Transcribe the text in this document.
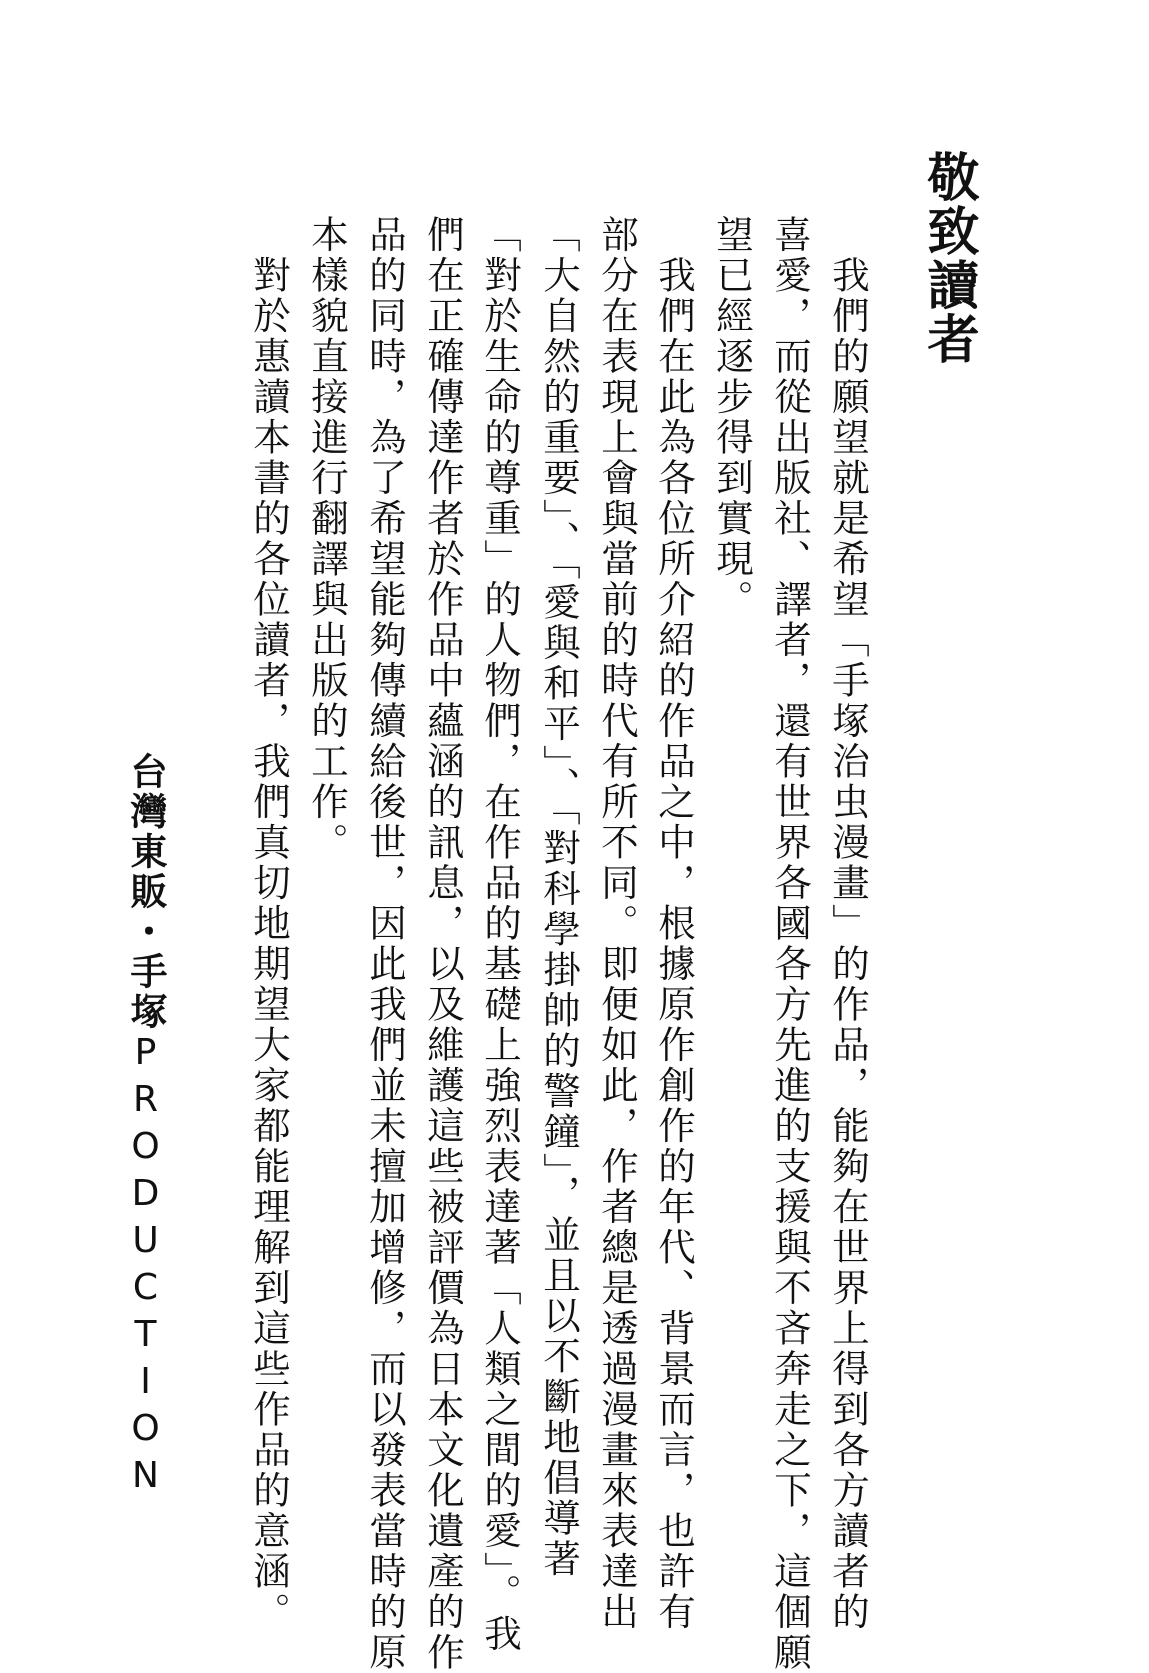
敬致讀者

　我們的願望就是希望「手塚治虫漫畫」的作品，能夠在世界上得到各方讀者的

喜愛，而從出版社、譯者，還有世界各國各方先進的支援與不吝奔走之下，這個願

望已經逐步得到實現。

　我們在此為各位所介紹的作品之中，根據原作創作的年代、背景而言，也許有

部分在表現上會與當前的時代有所不同。即便如此，作者總是透過漫畫來表達出

「大自然的重要」、「愛與和平」、「對科學掛帥的警鐘」，並且以不斷地倡導著

「對於生命的尊重」的人物們，在作品的基礎上強烈表達著「人類之間的愛」。我

們在正確傳達作者於作品中蘊涵的訊息，以及維護這些被評價為日本文化遺產的作

品的同時，為了希望能夠傳續給後世，因此我們並未擅加增修，而以發表當時的原

本樣貌直接進行翻譯與出版的工作。

　對於惠讀本書的各位讀者，我們真切地期望大家都能理解到這些作品的意涵。

台灣東販・手塚PRODUCTION
